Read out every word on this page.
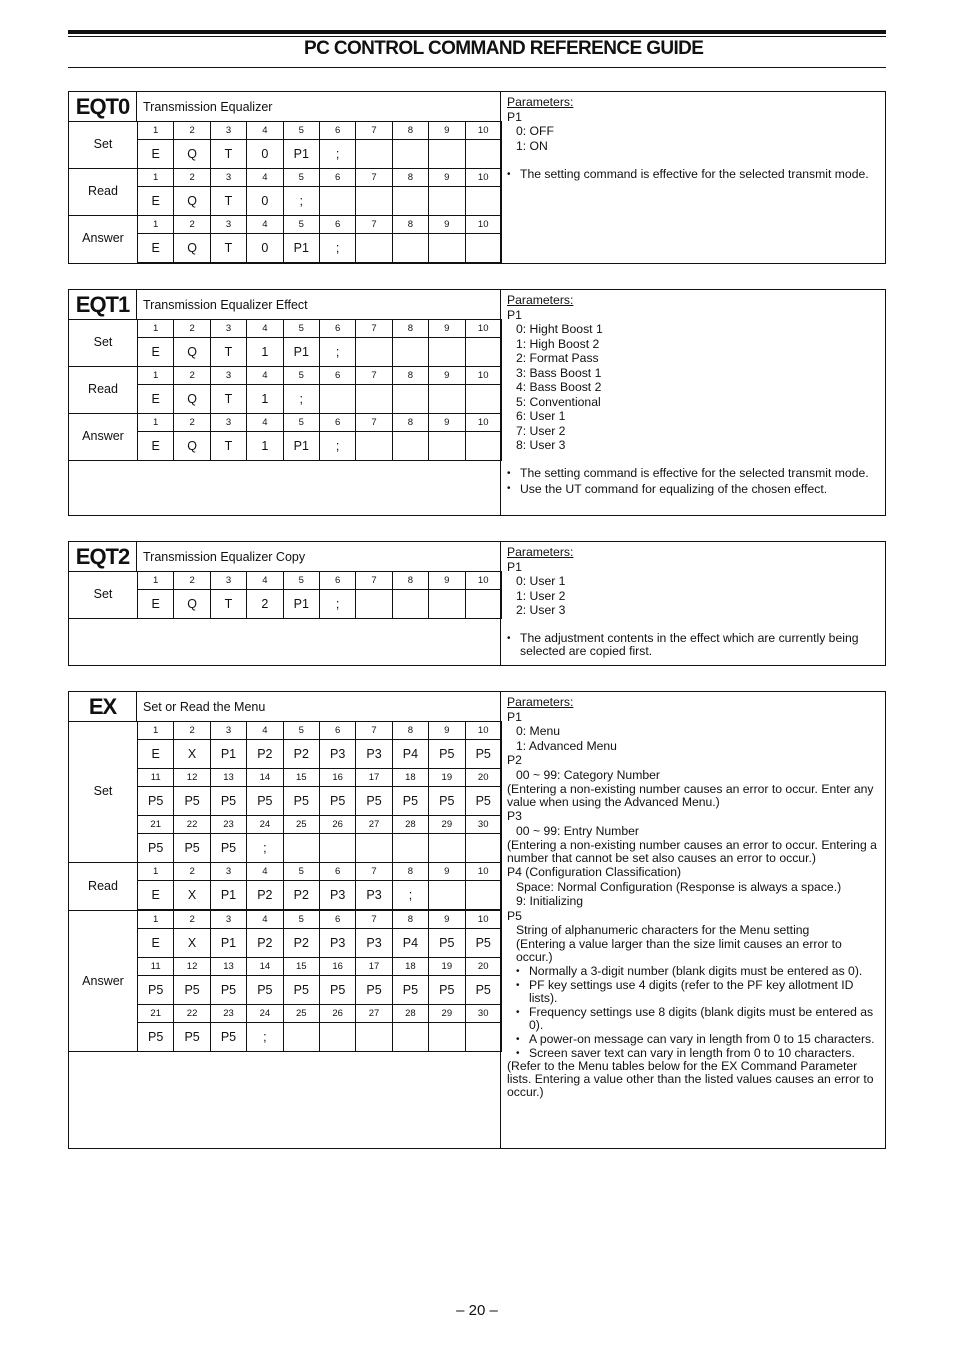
PC CONTROL COMMAND REFERENCE GUIDE
EQT0	Transmission Equalizer
Set
1	2	3	4	5	6	7	8	9	10
E	Q	T	0	P1	;				
Read
1	2	3	4	5	6	7	8	9	10
E	Q	T	0	;					
Answer
1	2	3	4	5	6	7	8	9	10
E	Q	T	0	P1	;				
Parameters:
P1
0: OFF
1: ON
• The setting command is effective for the selected transmit mode.
EQT1	Transmission Equalizer Effect
Set
1	2	3	4	5	6	7	8	9	10
E	Q	T	1	P1	;				
Read
1	2	3	4	5	6	7	8	9	10
E	Q	T	1	;					
Answer
1	2	3	4	5	6	7	8	9	10
E	Q	T	1	P1	;				
Parameters:
P1
0: Hight Boost 1
1: High Boost 2
2: Format Pass
3: Bass Boost 1
4: Bass Boost 2
5: Conventional
6: User 1
7: User 2
8: User 3
• The setting command is effective for the selected transmit mode.
• Use the UT command for equalizing of the chosen effect.
EQT2	Transmission Equalizer Copy
Set
1	2	3	4	5	6	7	8	9	10
E	Q	T	2	P1	;				
Parameters:
P1
0: User 1
1: User 2
2: User 3
• The adjustment contents in the effect which are currently being selected are copied first.
EX	Set or Read the Menu
Set
1	2	3	4	5	6	7	8	9	10
E	X	P1	P2	P2	P3	P3	P4	P5	P5
11	12	13	14	15	16	17	18	19	20
P5	P5	P5	P5	P5	P5	P5	P5	P5	P5
21	22	23	24	25	26	27	28	29	30
P5	P5	P5	;						
Read
1	2	3	4	5	6	7	8	9	10
E	X	P1	P2	P2	P3	P3	;		
Answer
1	2	3	4	5	6	7	8	9	10
E	X	P1	P2	P2	P3	P3	P4	P5	P5
11	12	13	14	15	16	17	18	19	20
P5	P5	P5	P5	P5	P5	P5	P5	P5	P5
21	22	23	24	25	26	27	28	29	30
P5	P5	P5	;						
Parameters:
P1
0: Menu
1: Advanced Menu
P2
00 ~ 99: Category Number
(Entering a non-existing number causes an error to occur. Enter any value when using the Advanced Menu.)
P3
00 ~ 99: Entry Number
(Entering a non-existing number causes an error to occur. Entering a number that cannot be set also causes an error to occur.)
P4 (Configuration Classification)
Space: Normal Configuration (Response is always a space.)
9: Initializing
P5
String of alphanumeric characters for the Menu setting
(Entering a value larger than the size limit causes an error to occur.)
• Normally a 3-digit number (blank digits must be entered as 0).
• PF key settings use 4 digits (refer to the PF key allotment ID lists).
• Frequency settings use 8 digits (blank digits must be entered as 0).
• A power-on message can vary in length from 0 to 15 characters.
• Screen saver text can vary in length from 0 to 10 characters.
(Refer to the Menu tables below for the EX Command Parameter lists. Entering a value other than the listed values causes an error to occur.)
– 20 –
